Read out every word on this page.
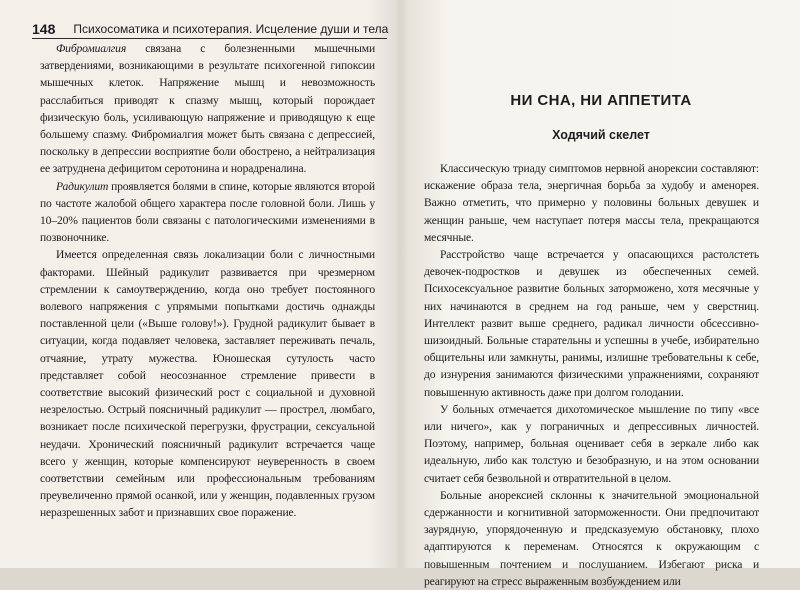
148 Психосоматика и психотерапия. Исцеление души и тела

Фибромиалгия связана с болезненными мышечными затвердениями, возникающими в результате психогенной гипоксии мышечных клеток. Напряжение мышц и невозможность расслабиться приводят к спазму мышц, который порождает физическую боль, усиливающую напряжение и приводящую к еще большему спазму. Фибромиалгия может быть связана с депрессией, поскольку в депрессии восприятие боли обострено, а нейтрализация ее затруднена дефицитом серотонина и норадреналина.

Радикулит проявляется болями в спине, которые являются второй по частоте жалобой общего характера после головной боли. Лишь у 10–20% пациентов боли связаны с патологическими изменениями в позвоночнике.

Имеется определенная связь локализации боли с личностными факторами. Шейный радикулит развивается при чрезмерном стремлении к самоутверждению, когда оно требует постоянного волевого напряжения с упрямыми попытками достичь однажды поставленной цели («Выше голову!»). Грудной радикулит бывает в ситуации, когда подавляет человека, заставляет переживать печаль, отчаяние, утрату мужества. Юношеская сутулость часто представляет собой неосознанное стремление привести в соответствие высокий физический рост с социальной и духовной незрелостью. Острый поясничный радикулит — прострел, люмбаго, возникает после психической перегрузки, фрустрации, сексуальной неудачи. Хронический поясничный радикулит встречается чаще всего у женщин, которые компенсируют неуверенность в своем соответствии семейным или профессиональным требованиям преувеличенно прямой осанкой, или у женщин, подавленных грузом неразрешенных забот и признавших свое поражение.

НИ СНА, НИ АППЕТИТА
Ходячий скелет

Классическую триаду симптомов нервной анорексии составляют: искажение образа тела, энергичная борьба за худобу и аменорея. Важно отметить, что примерно у половины больных девушек и женщин раньше, чем наступает потеря массы тела, прекращаются месячные.

Расстройство чаще встречается у опасающихся растолстеть девочек-подростков и девушек из обеспеченных семей. Психосексуальное развитие больных заторможено, хотя месячные у них начинаются в среднем на год раньше, чем у сверстниц. Интеллект развит выше среднего, радикал личности обсессивно-шизоидный. Больные старательны и успешны в учебе, избирательно общительны или замкнуты, ранимы, излишне требовательны к себе, до изнурения занимаются физическими упражнениями, сохраняют повышенную активность даже при долгом голодании.

У больных отмечается дихотомическое мышление по типу «все или ничего», как у пограничных и депрессивных личностей. Поэтому, например, больная оценивает себя в зеркале либо как идеальную, либо как толстую и безобразную, и на этом основании считает себя безвольной и отвратительной в целом.

Больные анорексией склонны к значительной эмоциональной сдержанности и когнитивной заторможенности. Они предпочитают заурядную, упорядоченную и предсказуемую обстановку, плохо адаптируются к переменам. Относятся к окружающим с повышенным почтением и послушанием. Избегают риска и реагируют на стресс выраженным возбуждением или
